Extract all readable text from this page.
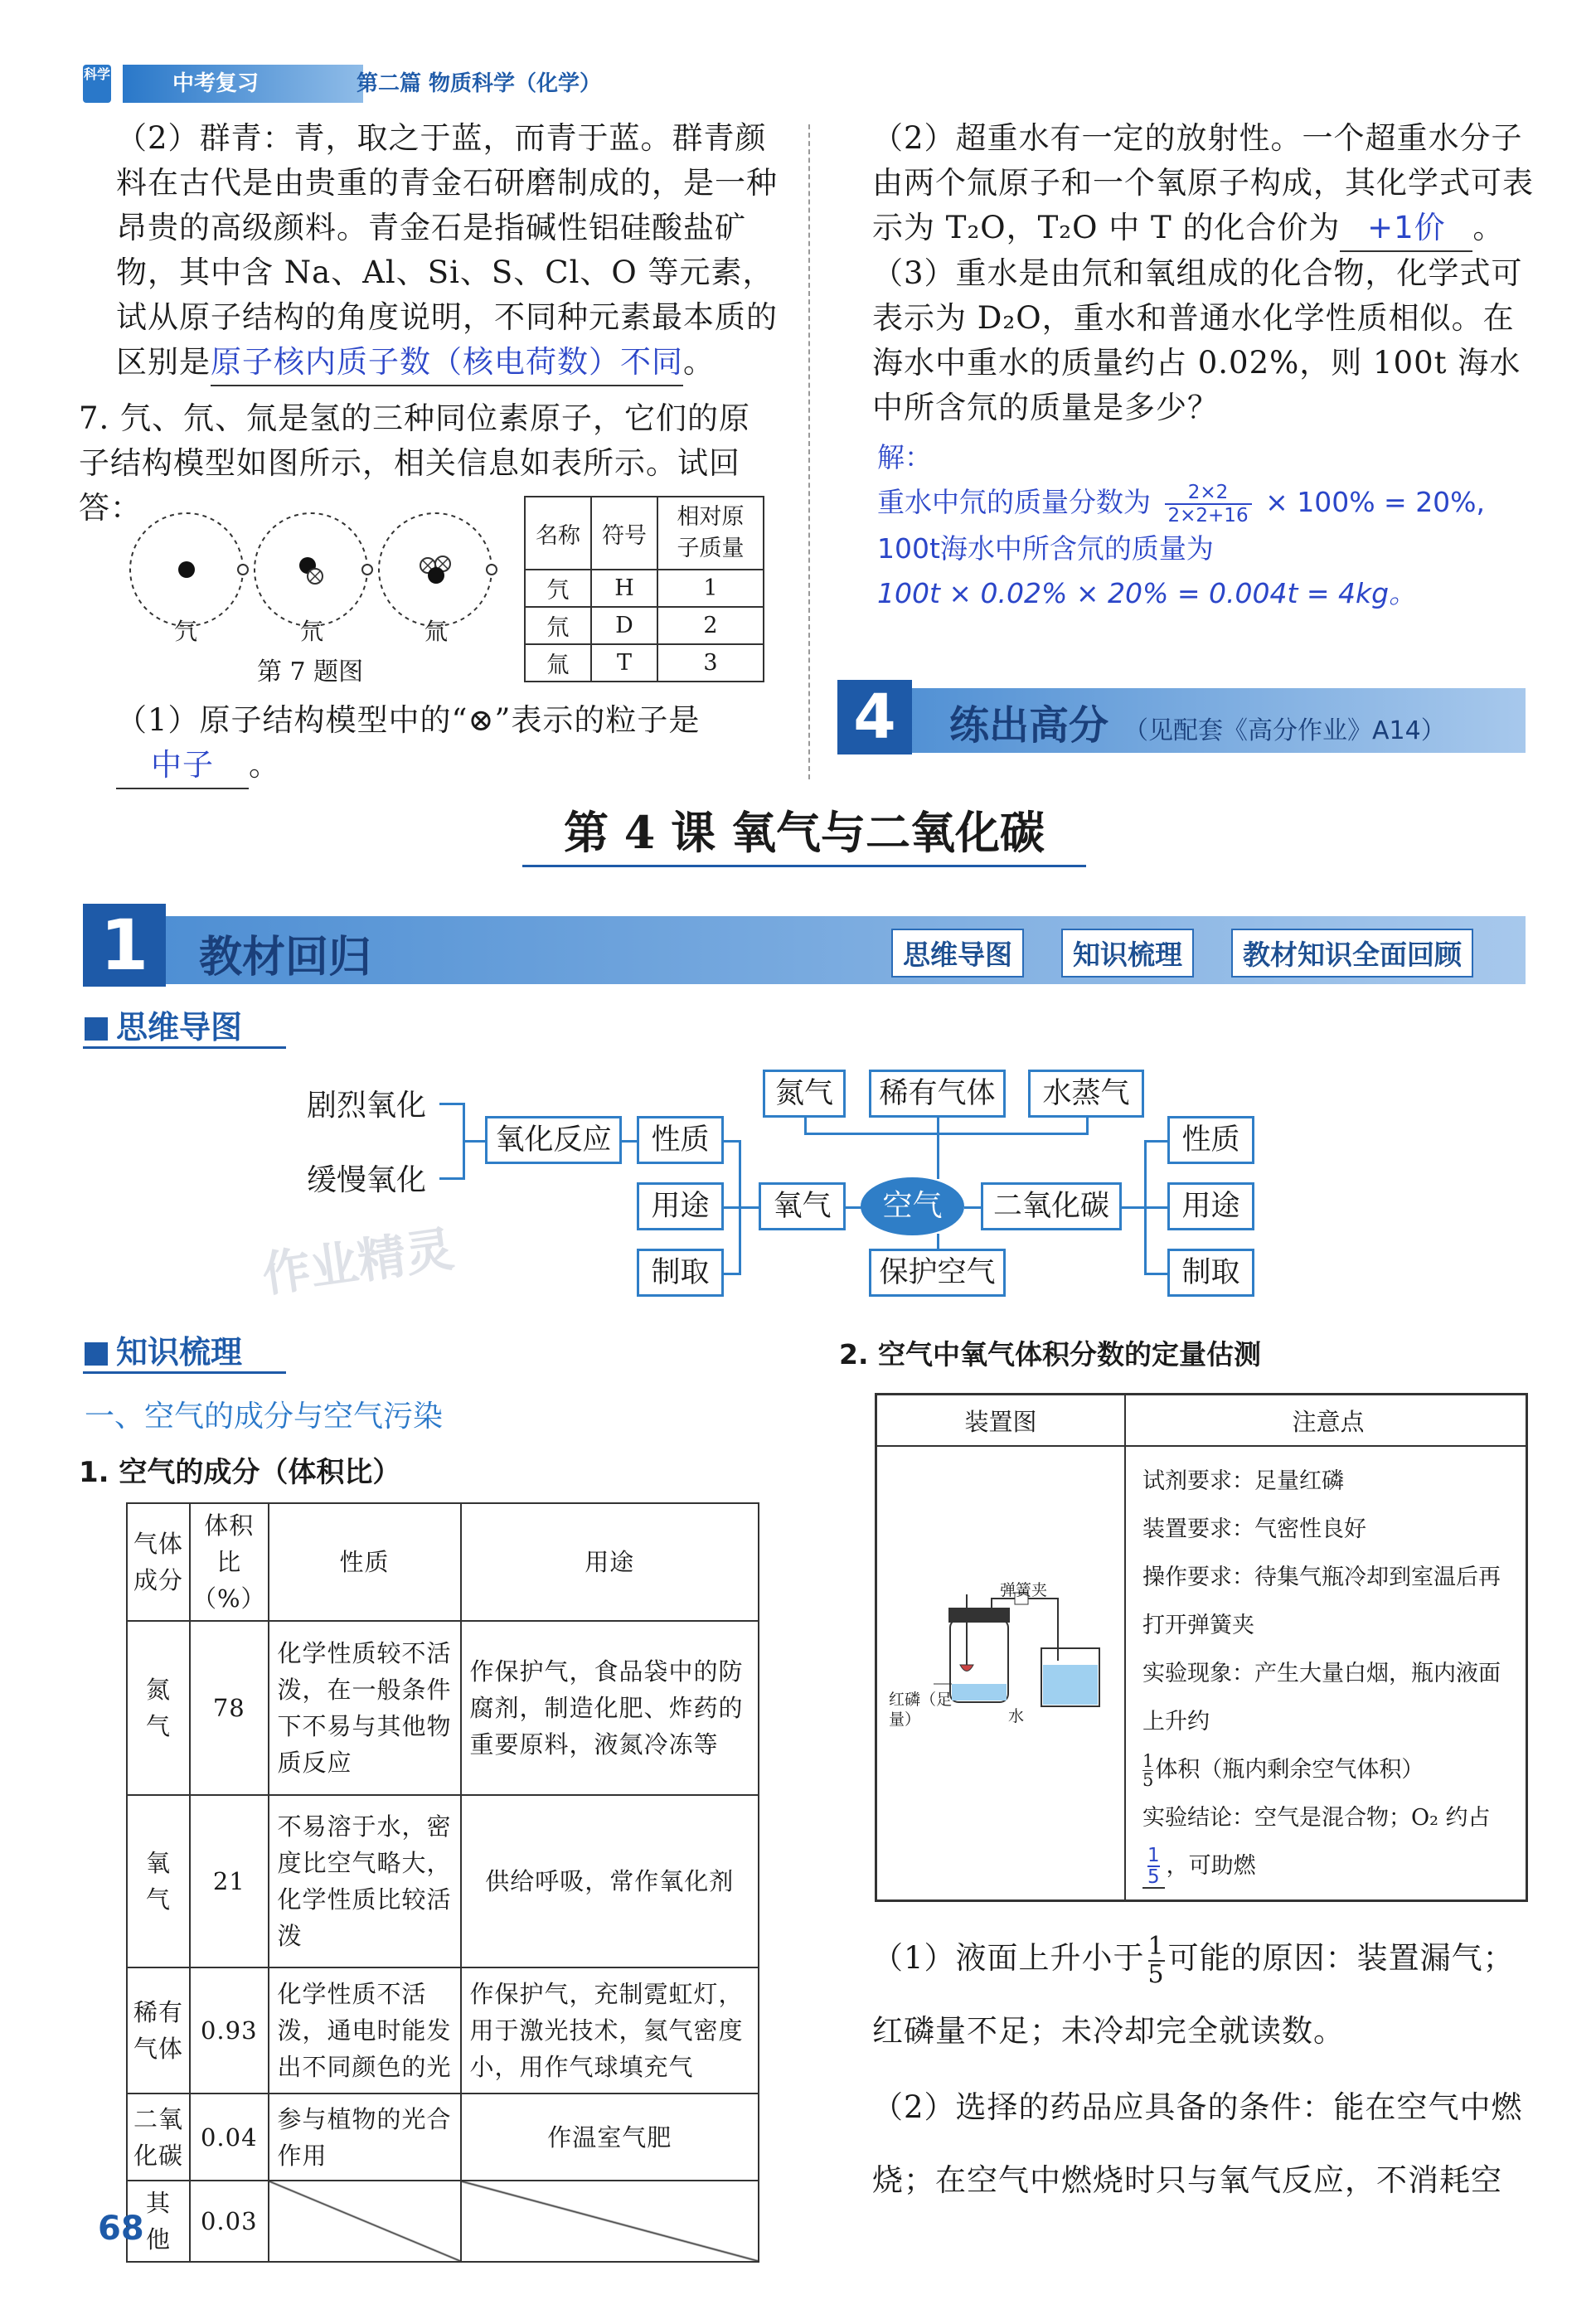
科学	中考复习	第二篇 物质科学（化学）
（2）群青：青，取之于蓝，而青于蓝。群青颜料在古代是由贵重的青金石研磨制成的，是一种昂贵的高级颜料。青金石是指碱性铝硅酸盐矿物，其中含 Na、Al、Si、S、Cl、O 等元素，试从原子结构的角度说明，不同种元素最本质的区别是原子核内质子数（核电荷数）不同。
7. 氕、氘、氚是氢的三种同位素原子，它们的原子结构模型如图所示，相关信息如表所示。试回答：
氕	氘	氚
第 7 题图
名称	符号	相对原子质量
氕	H	1
氘	D	2
氚	T	3
（1）原子结构模型中的“⊗”表示的粒子是
中子 。
（2）超重水有一定的放射性。一个超重水分子由两个氚原子和一个氧原子构成，其化学式可表示为 T₂O，T₂O 中 T 的化合价为 +1价 。
（3）重水是由氘和氧组成的化合物，化学式可表示为 D₂O，重水和普通水化学性质相似。在海水中重水的质量约占 0.02%，则 100t 海水中所含氘的质量是多少？
解：
重水中氘的质量分数为 $\frac{2\times 2}{2\times 2+16} \times 100\% = 20\%$,
100t海水中所含氘的质量为
100t × 0.02% × 20% = 0.004t = 4kg。
4	练出高分 （见配套《高分作业》A14）
第 4 课 氧气与二氧化碳
1	教材回归	思维导图	知识梳理	教材知识全面回顾
思维导图
剧烈氧化
缓慢氧化
氧化反应	性质
用途
制取
氧气	空气
氮气	稀有气体	水蒸气
保护空气
二氧化碳
性质
用途
制取
作业精灵
知识梳理
一、空气的成分与空气污染
1. 空气的成分（体积比）
气体成分	体积比（%）	性质	用途
氮气	78	化学性质较不活泼，在一般条件下不易与其他物质反应	作保护气，食品袋中的防腐剂，制造化肥、炸药的重要原料，液氮冷冻等
氧气	21	不易溶于水，密度比空气略大，化学性质比较活泼	供给呼吸，常作氧化剂
稀有气体	0.93	化学性质不活泼，通电时能发出不同颜色的光	作保护气，充制霓虹灯，用于激光技术，氦气密度小，用作气球填充气
二氧化碳	0.04	参与植物的光合作用	作温室气肥
其他	0.03		
2. 空气中氧气体积分数的定量估测
装置图	注意点
弹簧夹
红磷（足量）	水
试剂要求：足量红磷
装置要求：气密性良好
操作要求：待集气瓶冷却到室温后再打开弹簧夹
实验现象：产生大量白烟，瓶内液面上升约
$\frac{1}{5}$ 体积（瓶内剩余空气体积）
实验结论：空气是混合物；O₂ 约占
$\frac{1}{5}$ ，可助燃
（1）液面上升小于 $\frac{1}{5}$ 可能的原因：装置漏气；红磷量不足；未冷却完全就读数。
（2）选择的药品应具备的条件：能在空气中燃烧；在空气中燃烧时只与氧气反应，不消耗空
68
